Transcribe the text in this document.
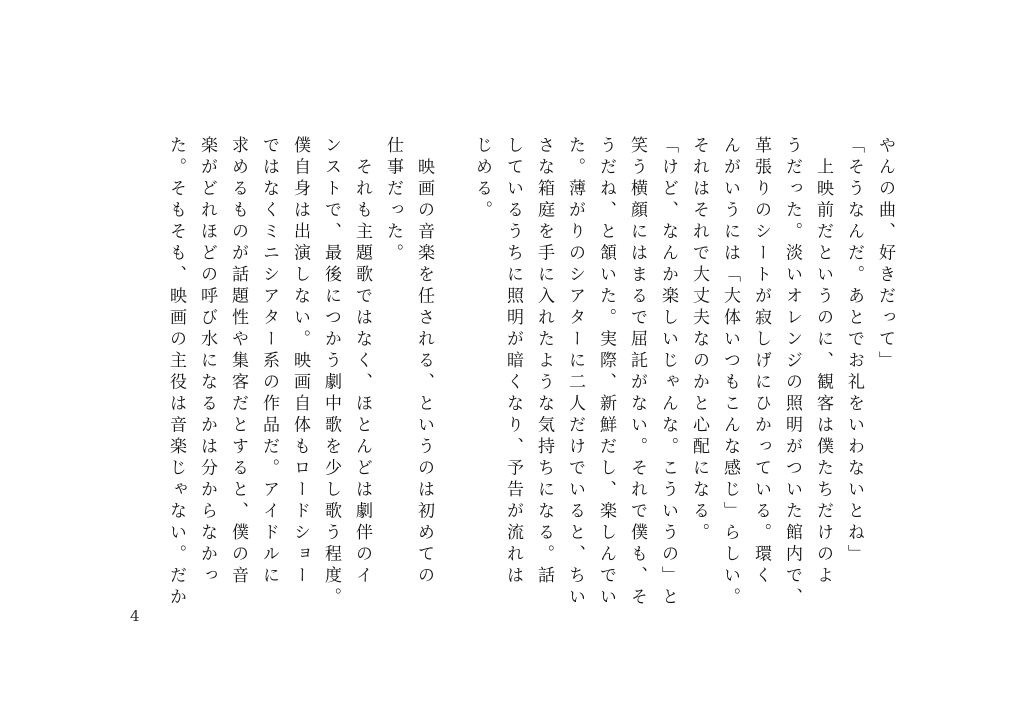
やんの曲、好きだって」
「そうなんだ。あとでお礼をいわないとね」
　上映前だというのに、観客は僕たちだけのよ
うだった。淡いオレンジの照明がついた館内で、
革張りのシートが寂しげにひかっている。環く
んがいうには「大体いつもこんな感じ」らしい。
それはそれで大丈夫なのかと心配になる。
「けど、なんか楽しいじゃんな。こういうの」と
笑う横顔にはまるで屈託がない。それで僕も、そ
うだね、と頷いた。実際、新鮮だし、楽しんでい
た。薄がりのシアターに二人だけでいると、ちい
さな箱庭を手に入れたような気持ちになる。話
しているうちに照明が暗くなり、予告が流れは
じめる。
　映画の音楽を任される、というのは初めての
仕事だった。
　それも主題歌ではなく、ほとんどは劇伴のイ
ンストで、最後につかう劇中歌を少し歌う程度。
僕自身は出演しない。映画自体もロードショー
ではなくミニシアター系の作品だ。アイドルに
求めるものが話題性や集客だとすると、僕の音
楽がどれほどの呼び水になるかは分からなかっ
た。そもそも、映画の主役は音楽じゃない。だか
4
